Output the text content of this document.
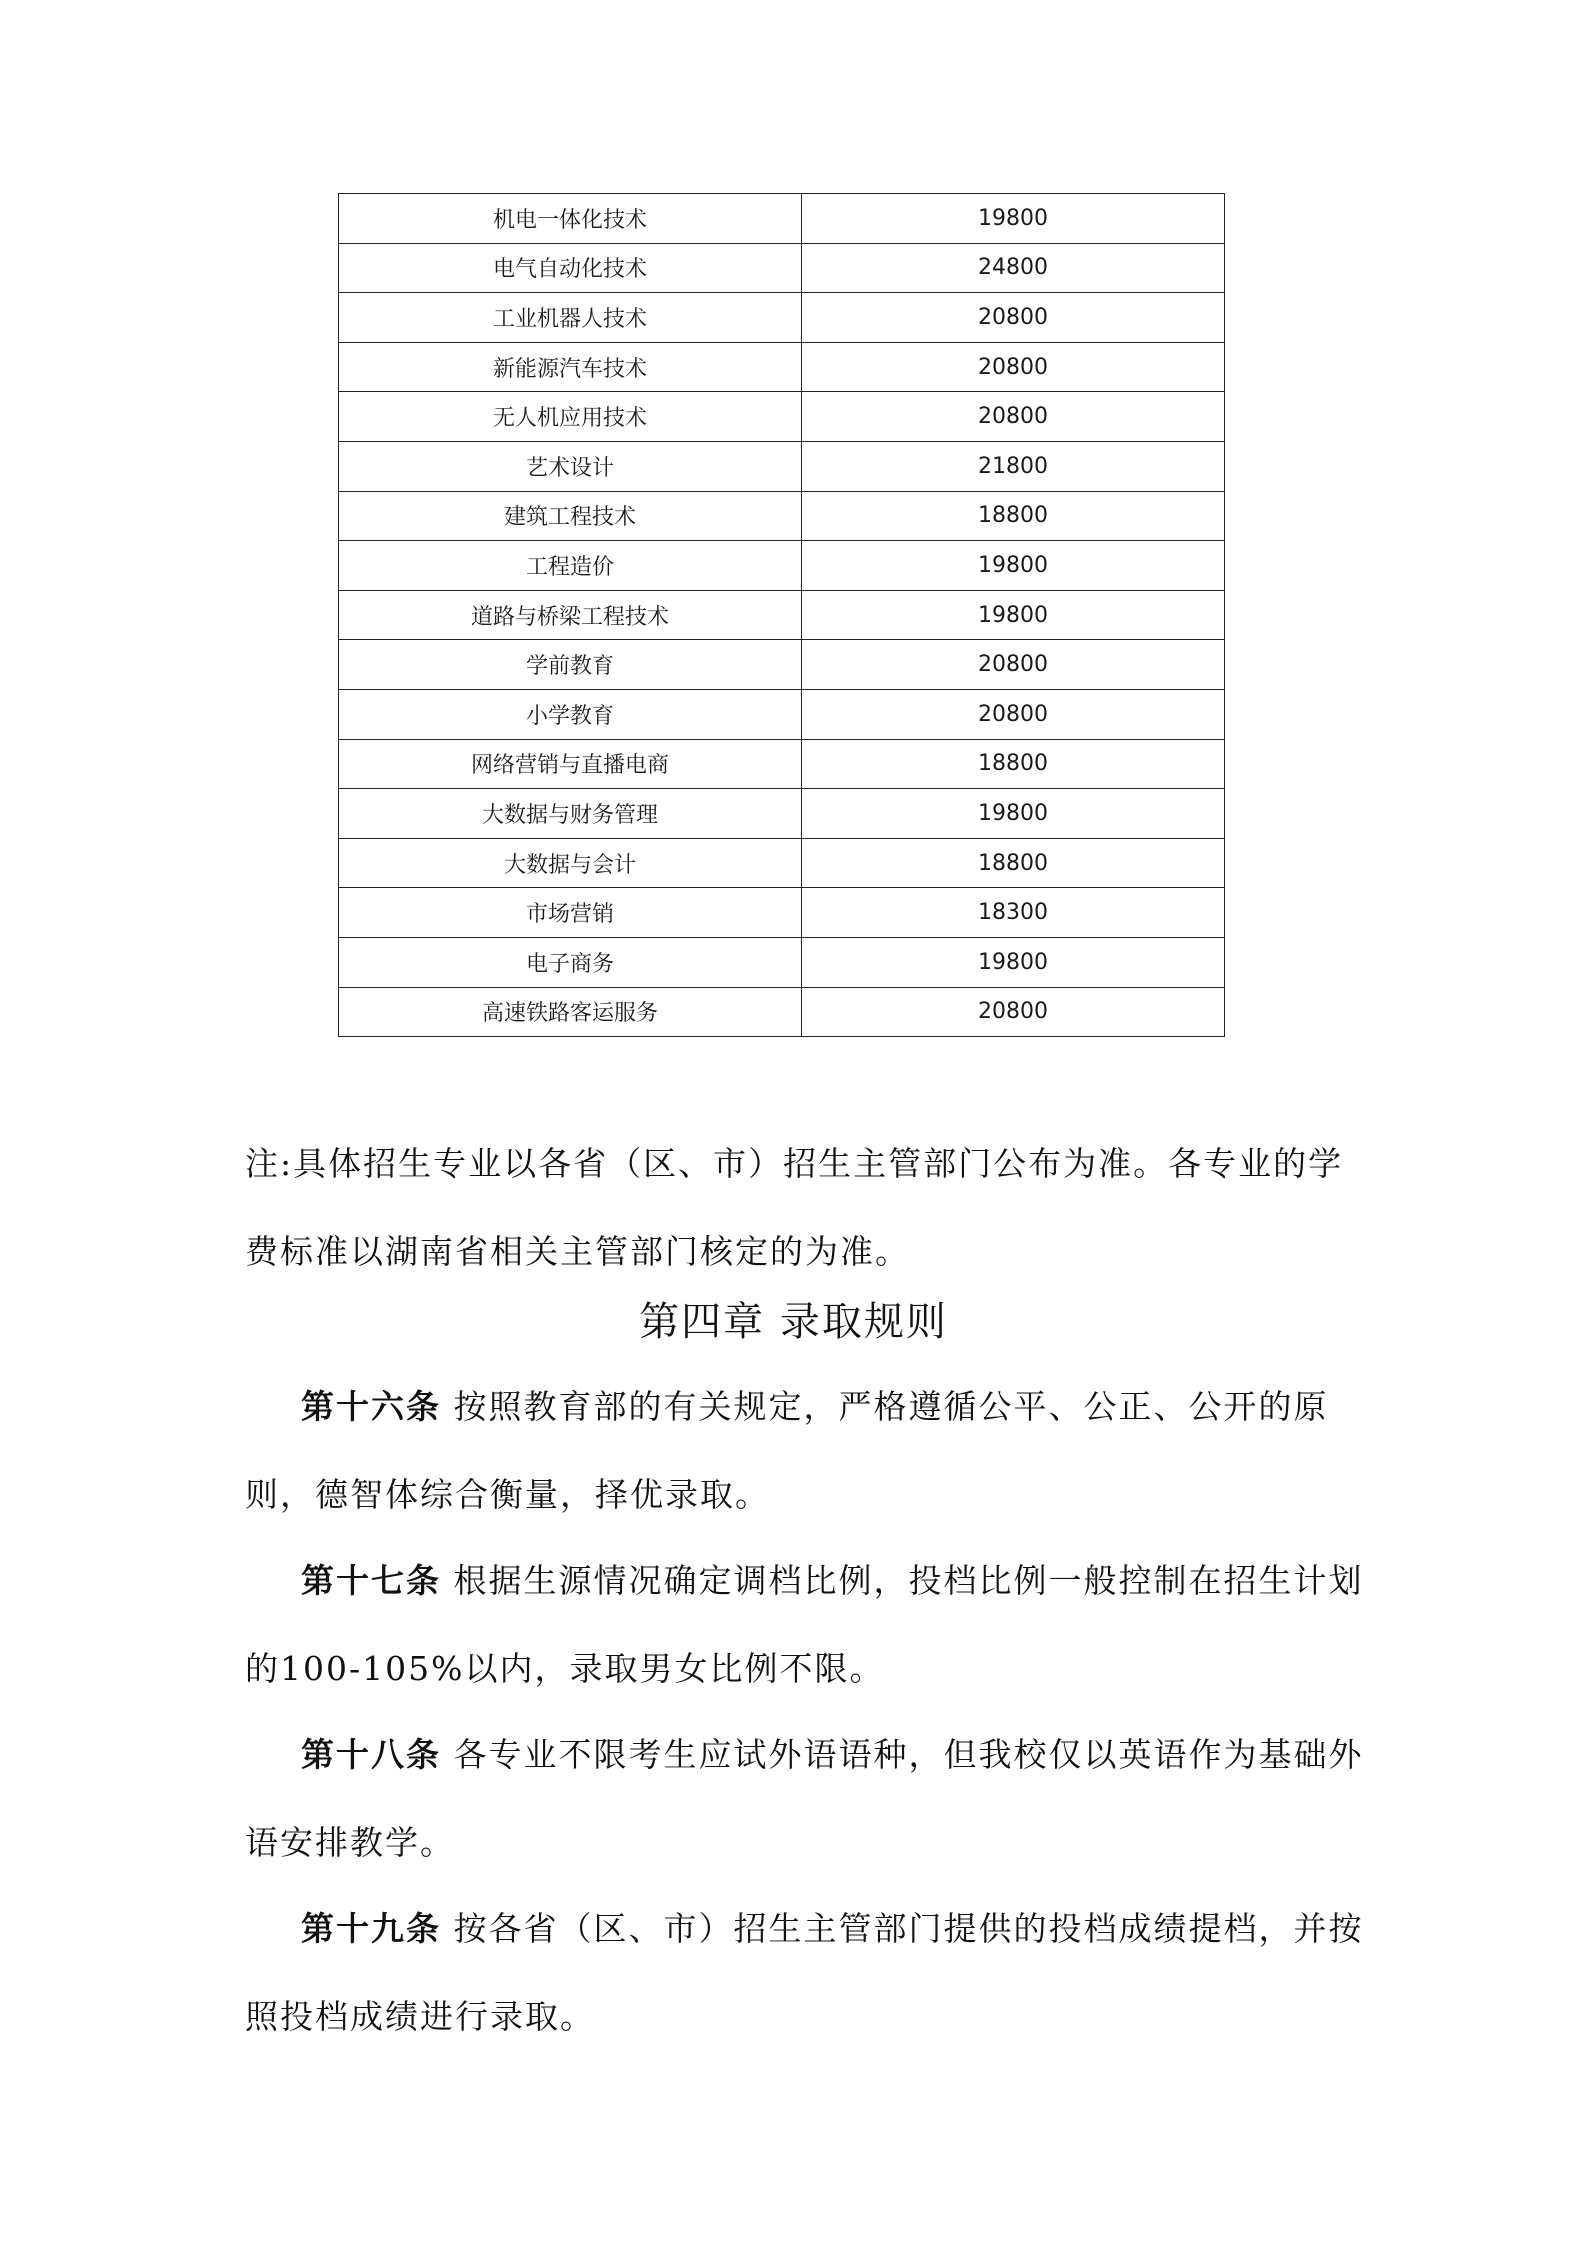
机电一体化技术	19800
电气自动化技术	24800
工业机器人技术	20800
新能源汽车技术	20800
无人机应用技术	20800
艺术设计	21800
建筑工程技术	18800
工程造价	19800
道路与桥梁工程技术	19800
学前教育	20800
小学教育	20800
网络营销与直播电商	18800
大数据与财务管理	19800
大数据与会计	18800
市场营销	18300
电子商务	19800
高速铁路客运服务	20800

注:具体招生专业以各省（区、市）招生主管部门公布为准。各专业的学费标准以湖南省相关主管部门核定的为准。

第四章 录取规则

第十六条 按照教育部的有关规定，严格遵循公平、公正、公开的原则，德智体综合衡量，择优录取。

第十七条 根据生源情况确定调档比例，投档比例一般控制在招生计划的100-105%以内，录取男女比例不限。

第十八条 各专业不限考生应试外语语种，但我校仅以英语作为基础外语安排教学。

第十九条 按各省（区、市）招生主管部门提供的投档成绩提档，并按照投档成绩进行录取。
